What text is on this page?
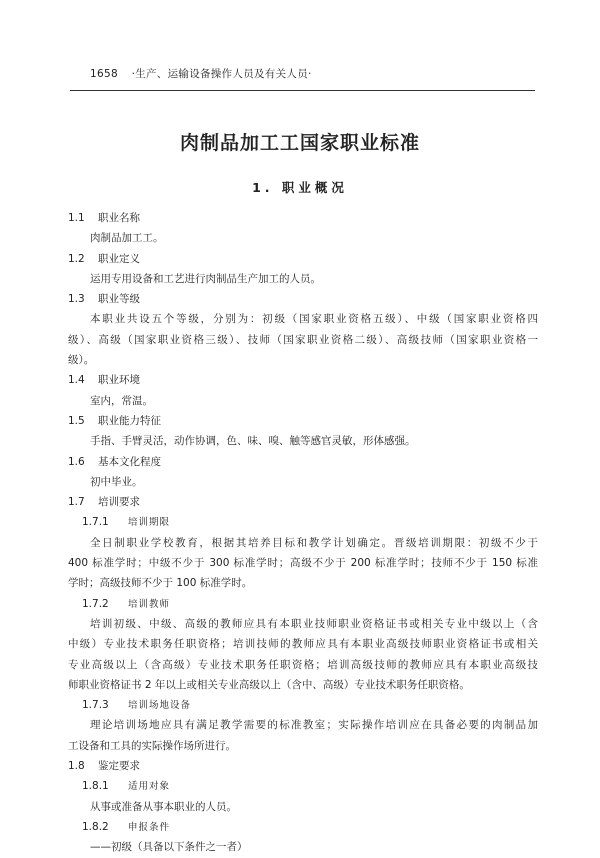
1658 ·生产、运输设备操作人员及有关人员·
肉制品加工工国家职业标准
1. 职业概况
1.1 职业名称
肉制品加工工。
1.2 职业定义
运用专用设备和工艺进行肉制品生产加工的人员。
1.3 职业等级
本职业共设五个等级，分别为：初级（国家职业资格五级）、中级（国家职业资格四
级）、高级（国家职业资格三级）、技师（国家职业资格二级）、高级技师（国家职业资格一
级）。
1.4 职业环境
室内，常温。
1.5 职业能力特征
手指、手臂灵活，动作协调，色、味、嗅、触等感官灵敏，形体感强。
1.6 基本文化程度
初中毕业。
1.7 培训要求
1.7.1 培训期限
全日制职业学校教育，根据其培养目标和教学计划确定。晋级培训期限：初级不少于
400 标准学时；中级不少于 300 标准学时；高级不少于 200 标准学时；技师不少于 150 标准
学时；高级技师不少于 100 标准学时。
1.7.2 培训教师
培训初级、中级、高级的教师应具有本职业技师职业资格证书或相关专业中级以上（含
中级）专业技术职务任职资格；培训技师的教师应具有本职业高级技师职业资格证书或相关
专业高级以上（含高级）专业技术职务任职资格；培训高级技师的教师应具有本职业高级技
师职业资格证书 2 年以上或相关专业高级以上（含中、高级）专业技术职务任职资格。
1.7.3 培训场地设备
理论培训场地应具有满足教学需要的标准教室；实际操作培训应在具备必要的肉制品加
工设备和工具的实际操作场所进行。
1.8 鉴定要求
1.8.1 适用对象
从事或准备从事本职业的人员。
1.8.2 申报条件
——初级（具备以下条件之一者）
